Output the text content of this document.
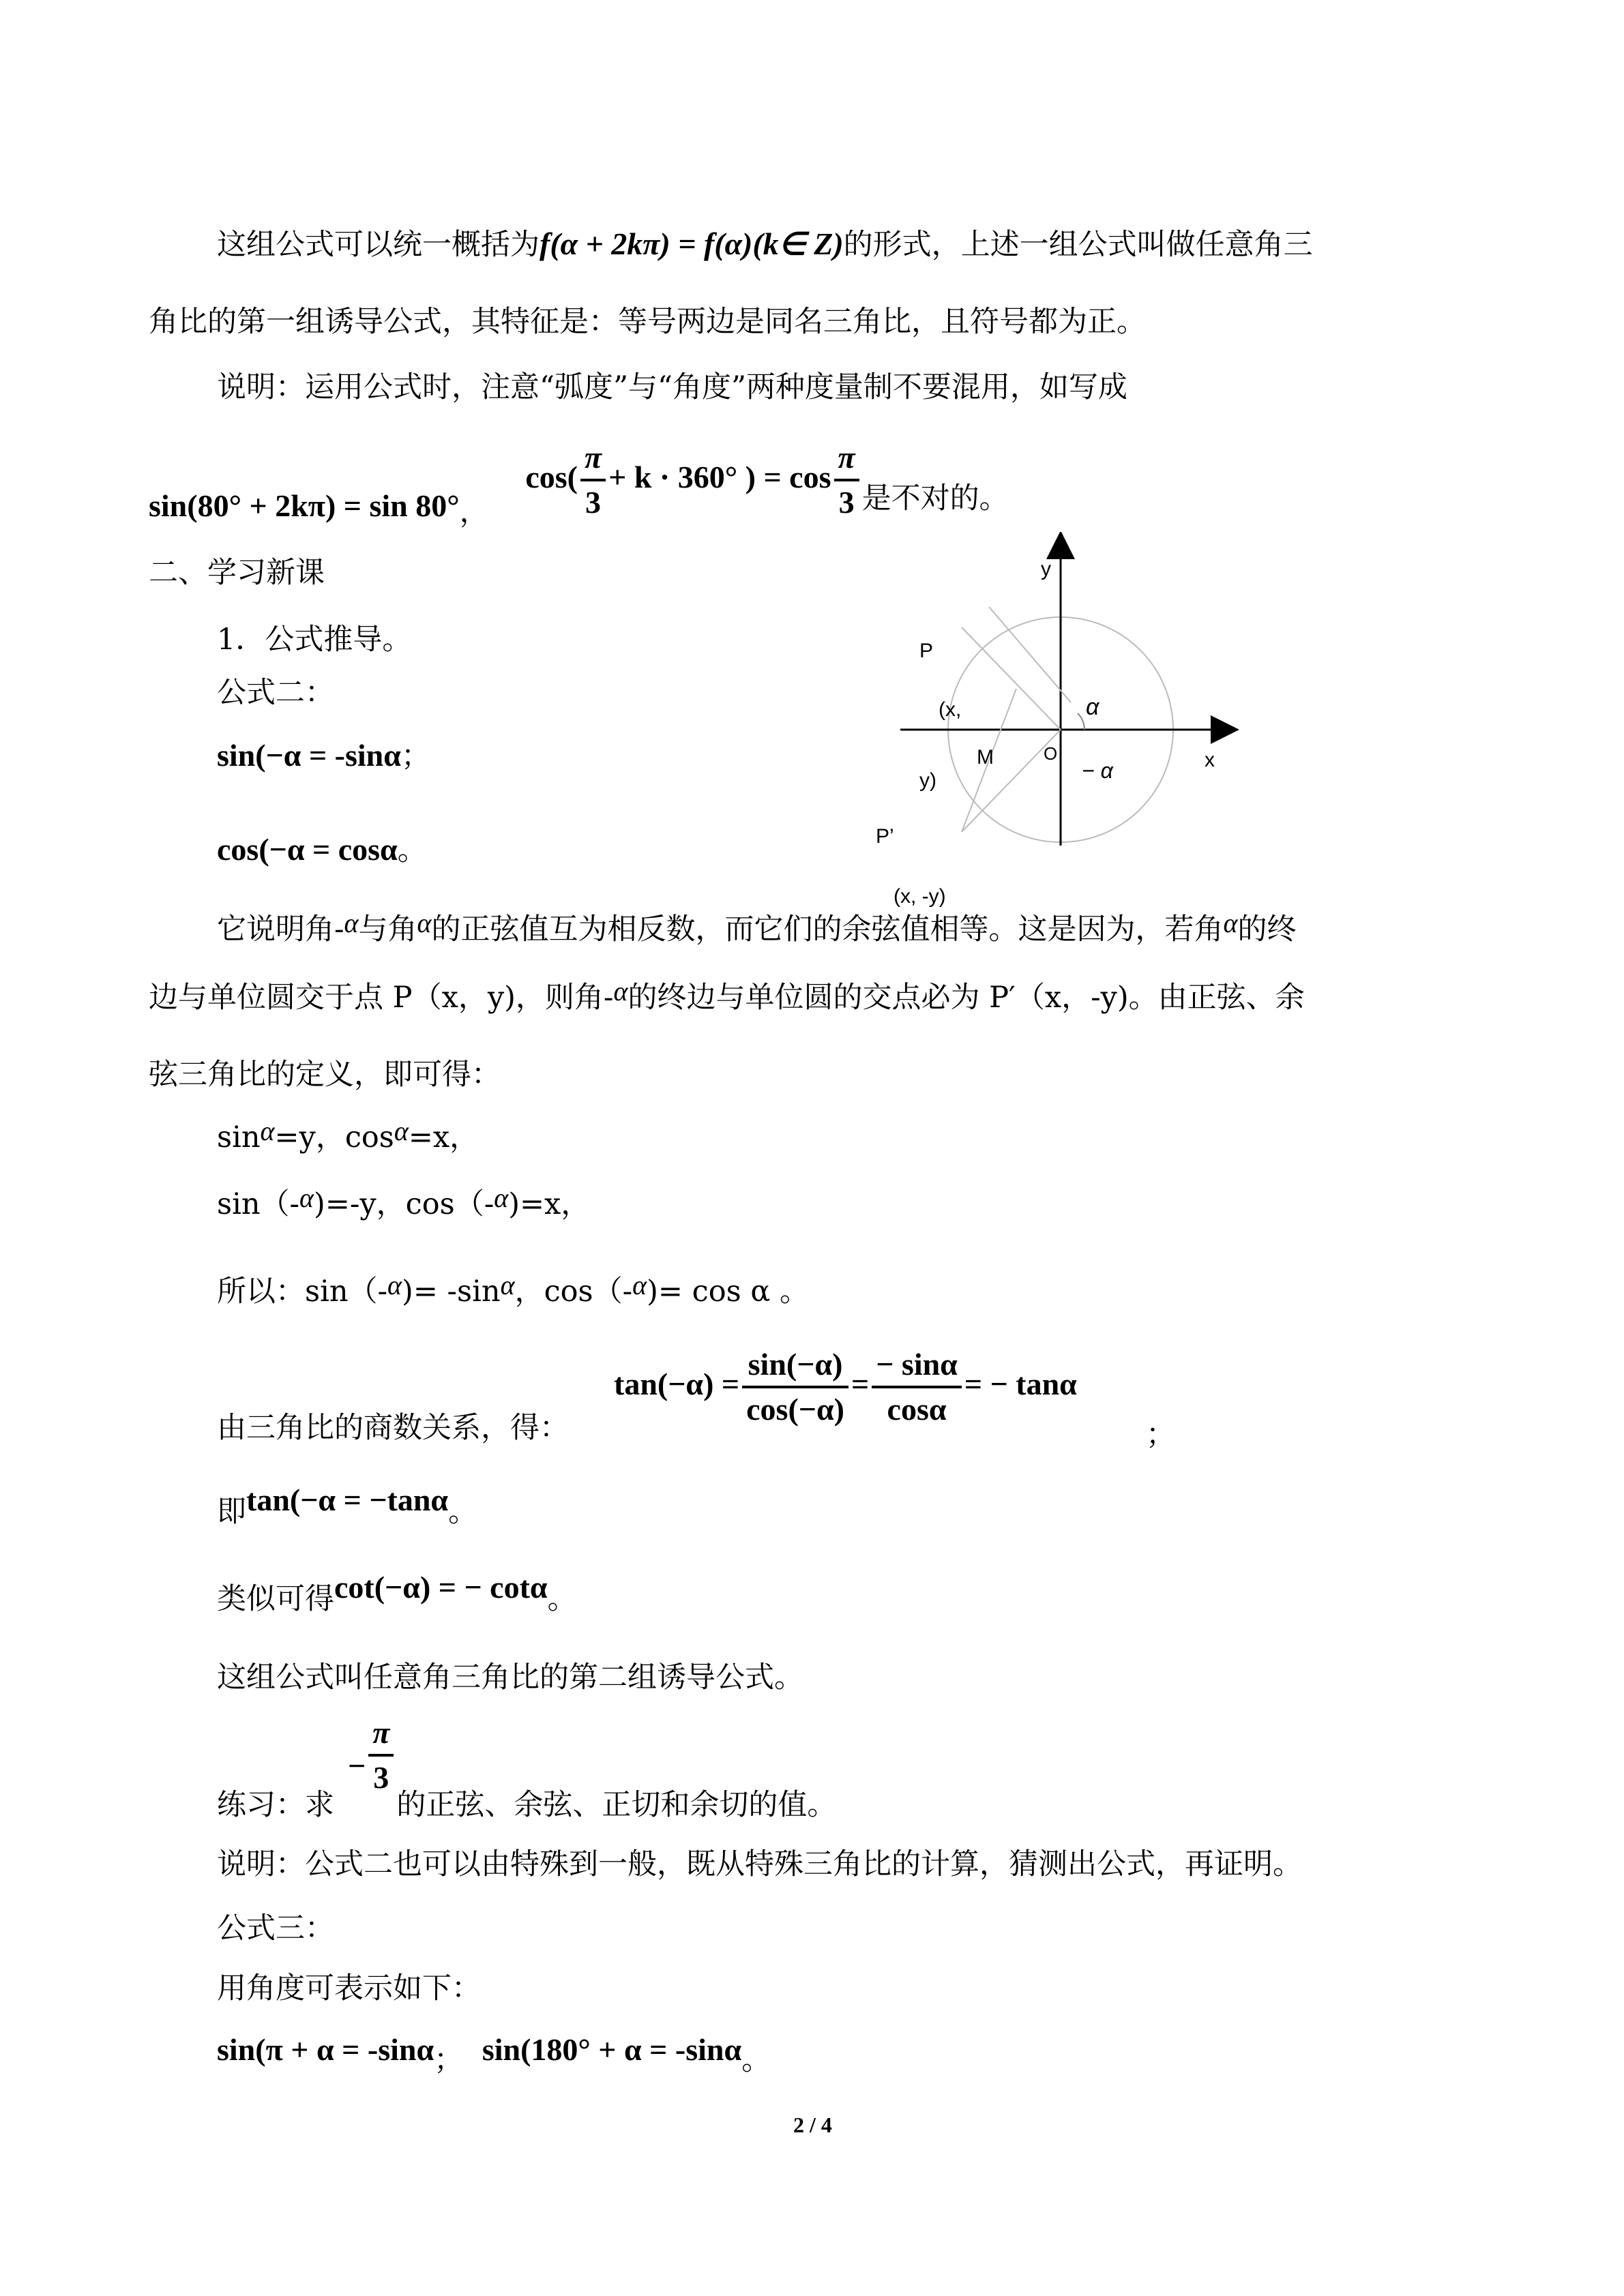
这组公式可以统一概括为f(α + 2kπ) = f(α)(k∈ Z)的形式，上述一组公式叫做任意角三
角比的第一组诱导公式，其特征是：等号两边是同名三角比，且符号都为正。
说明：运用公式时，注意“弧度”与“角度”两种度量制不要混用，如写成
sin(80° + 2kπ) = sin 80°， $\cos( \frac{\pi}{3} + k \cdot 360^\circ$ ) = $\cos \frac{\pi}{3}$ 是不对的。
二、学习新课
1．公式推导。
公式二：
sin(−α = -sinα；
cos(−α = cosα。
y
x
O
M
P
(x,
y)
P’
(x, -y)
α
− α
它说明角-α与角α的正弦值互为相反数，而它们的余弦值相等。这是因为，若角α的终
边与单位圆交于点 P（x，y)，则角-α的终边与单位圆的交点必为 P′（x，-y)。由正弦、余
弦三角比的定义，即可得：
sinα=y，cosα=x，
sin（-α)=-y，cos（-α)=x，
所以：sin（-α)= -sinα，cos（-α)= cos α 。
由三角比的商数关系，得：
$\tan(-\alpha) = \frac{\sin(-\alpha)}{\cos(-\alpha)} = \frac{- \sin\alpha}{\cos\alpha}$ = − tanα
；
即tan(−α = −tanα。
类似可得cot(−α) = − cotα。
这组公式叫任意角三角比的第二组诱导公式。
练习：求− $\frac{\pi}{3}$
的正弦、余弦、正切和余切的值。
说明：公式二也可以由特殊到一般，既从特殊三角比的计算，猜测出公式，再证明。
公式三：
用角度可表示如下：
sin(π + α = -sinα； sin(180° + α = -sinα。
2 / 4
